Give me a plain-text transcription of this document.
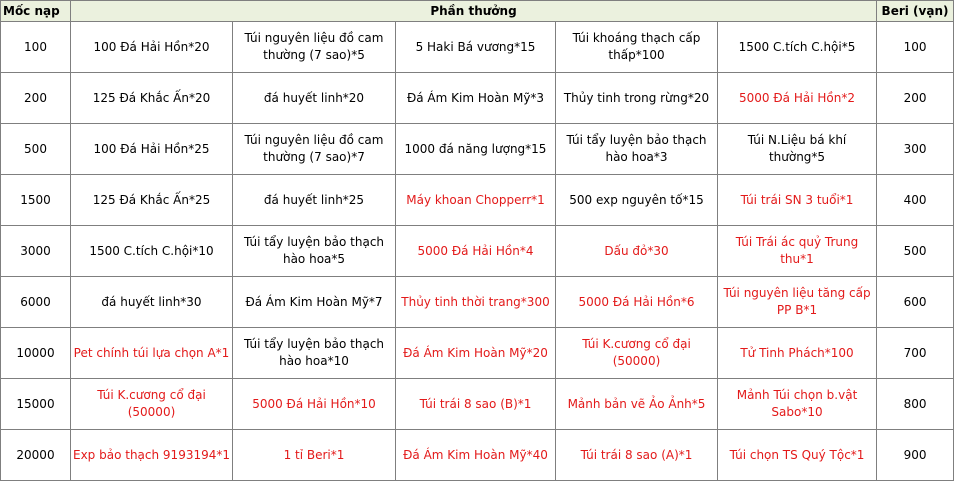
Mốc nạp	Phần thưởng					Beri (vạn)
100	100 Đá Hải Hồn*20	Túi nguyên liệu đồ cam thường (7 sao)*5	5 Haki Bá vương*15	Túi khoáng thạch cấp thấp*100	1500 C.tích C.hội*5	100
200	125 Đá Khắc Ấn*20	đá huyết linh*20	Đá Ám Kim Hoàn Mỹ*3	Thủy tinh trong rừng*20	5000 Đá Hải Hồn*2	200
500	100 Đá Hải Hồn*25	Túi nguyên liệu đồ cam thường (7 sao)*7	1000 đá năng lượng*15	Túi tẩy luyện bảo thạch hào hoa*3	Túi N.Liệu bá khí thường*5	300
1500	125 Đá Khắc Ấn*25	đá huyết linh*25	Máy khoan Chopperr*1	500 exp nguyên tố*15	Túi trái SN 3 tuổi*1	400
3000	1500 C.tích C.hội*10	Túi tẩy luyện bảo thạch hào hoa*5	5000 Đá Hải Hồn*4	Dấu đỏ*30	Túi Trái ác quỷ Trung thu*1	500
6000	đá huyết linh*30	Đá Ám Kim Hoàn Mỹ*7	Thủy tinh thời trang*300	5000 Đá Hải Hồn*6	Túi nguyên liệu tăng cấp PP B*1	600
10000	Pet chính túi lựa chọn A*1	Túi tẩy luyện bảo thạch hào hoa*10	Đá Ám Kim Hoàn Mỹ*20	Túi K.cương cổ đại (50000)	Tử Tinh Phách*100	700
15000	Túi K.cương cổ đại (50000)	5000 Đá Hải Hồn*10	Túi trái 8 sao (B)*1	Mảnh bản vẽ Ảo Ảnh*5	Mảnh Túi chọn b.vật Sabo*10	800
20000	Exp bảo thạch 9193194*1	1 tỉ Beri*1	Đá Ám Kim Hoàn Mỹ*40	Túi trái 8 sao (A)*1	Túi chọn TS Quý Tộc*1	900
